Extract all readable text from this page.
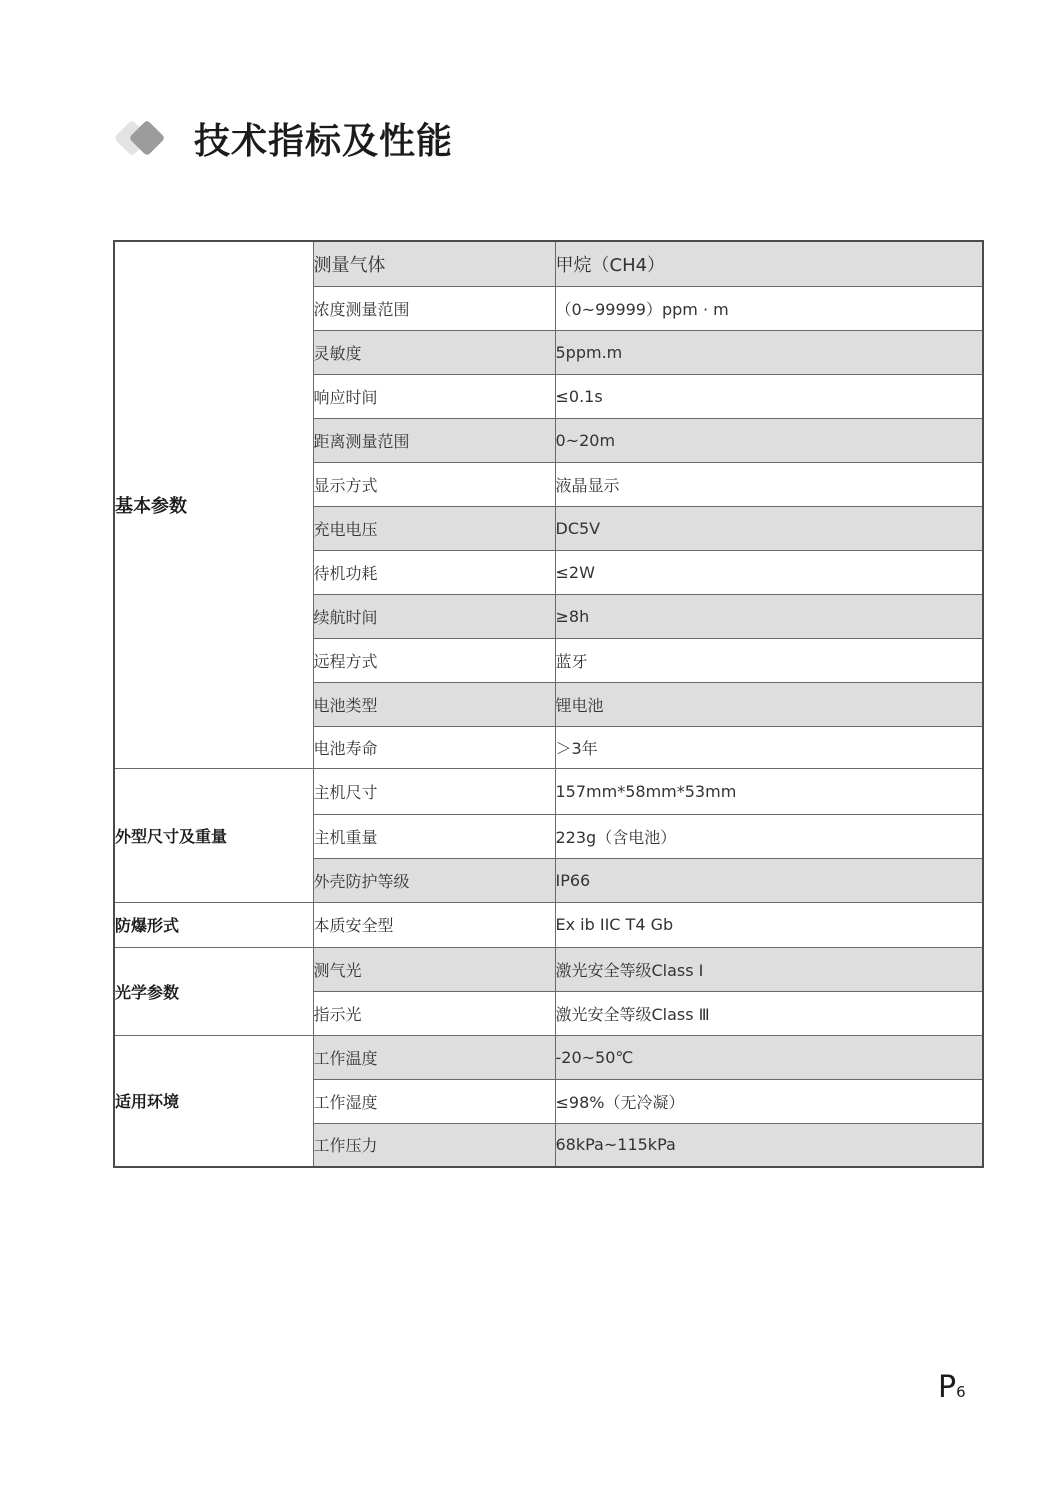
技术指标及性能
基本参数	测量气体	甲烷（CH4）
	浓度测量范围	（0~99999）ppm · m
	灵敏度	5ppm.m
	响应时间	≤0.1s
	距离测量范围	0~20m
	显示方式	液晶显示
	充电电压	DC5V
	待机功耗	≤2W
	续航时间	≥8h
	远程方式	蓝牙
	电池类型	锂电池
	电池寿命	＞3年
外型尺寸及重量	主机尺寸	157mm*58mm*53mm
	主机重量	223g（含电池）
	外壳防护等级	IP66
防爆形式	本质安全型	Ex ib IIC T4 Gb
光学参数	测气光	激光安全等级Class Ⅰ
	指示光	激光安全等级Class Ⅲ
适用环境	工作温度	-20~50℃
	工作湿度	≤98%（无冷凝）
	工作压力	68kPa~115kPa
P6
